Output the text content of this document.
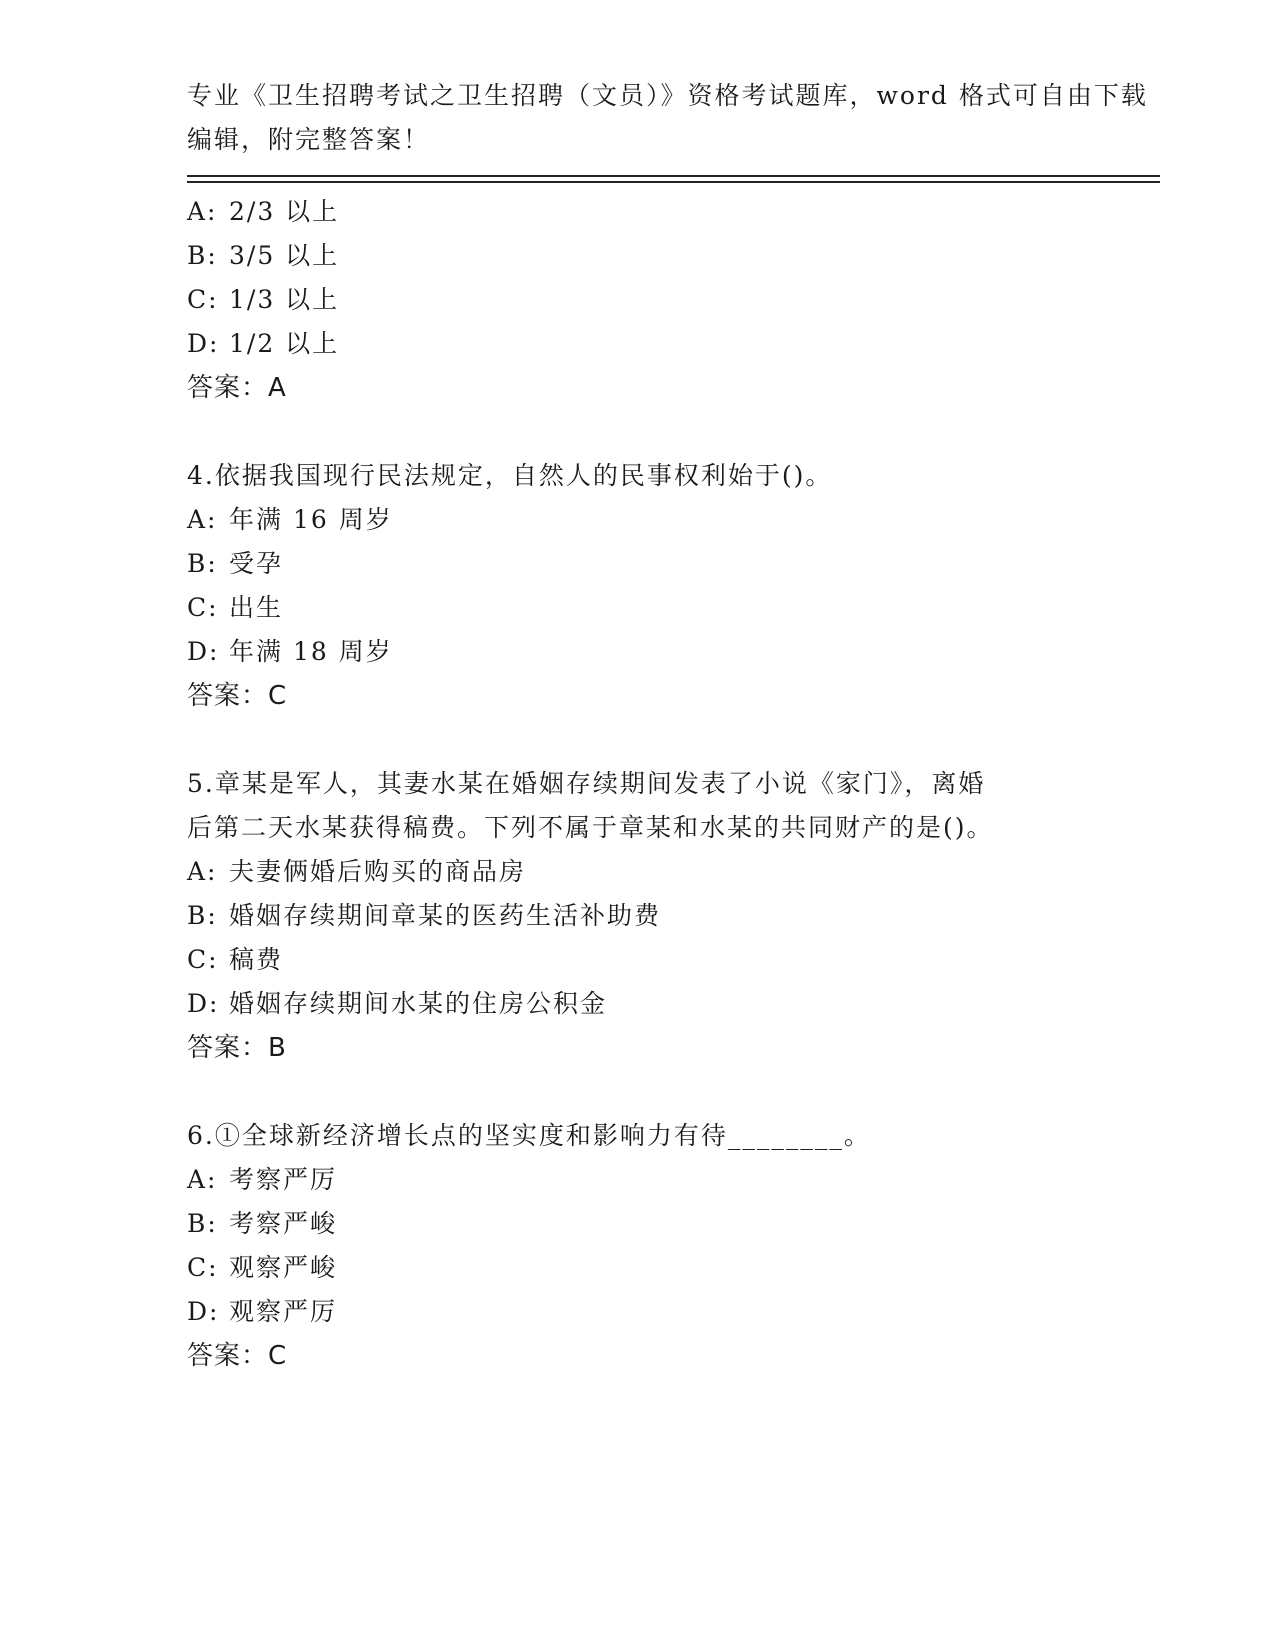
专业《卫生招聘考试之卫生招聘（文员）》资格考试题库，word 格式可自由下载
编辑，附完整答案！
A: 2/3 以上
B: 3/5 以上
C: 1/3 以上
D: 1/2 以上
答案：A
4.依据我国现行民法规定，自然人的民事权利始于()。
A: 年满 16 周岁
B: 受孕
C: 出生
D: 年满 18 周岁
答案：C
5.章某是军人，其妻水某在婚姻存续期间发表了小说《家门》，离婚
后第二天水某获得稿费。下列不属于章某和水某的共同财产的是()。
A: 夫妻俩婚后购买的商品房
B: 婚姻存续期间章某的医药生活补助费
C: 稿费
D: 婚姻存续期间水某的住房公积金
答案：B
6.①全球新经济增长点的坚实度和影响力有待________。
A: 考察严厉
B: 考察严峻
C: 观察严峻
D: 观察严厉
答案：C
